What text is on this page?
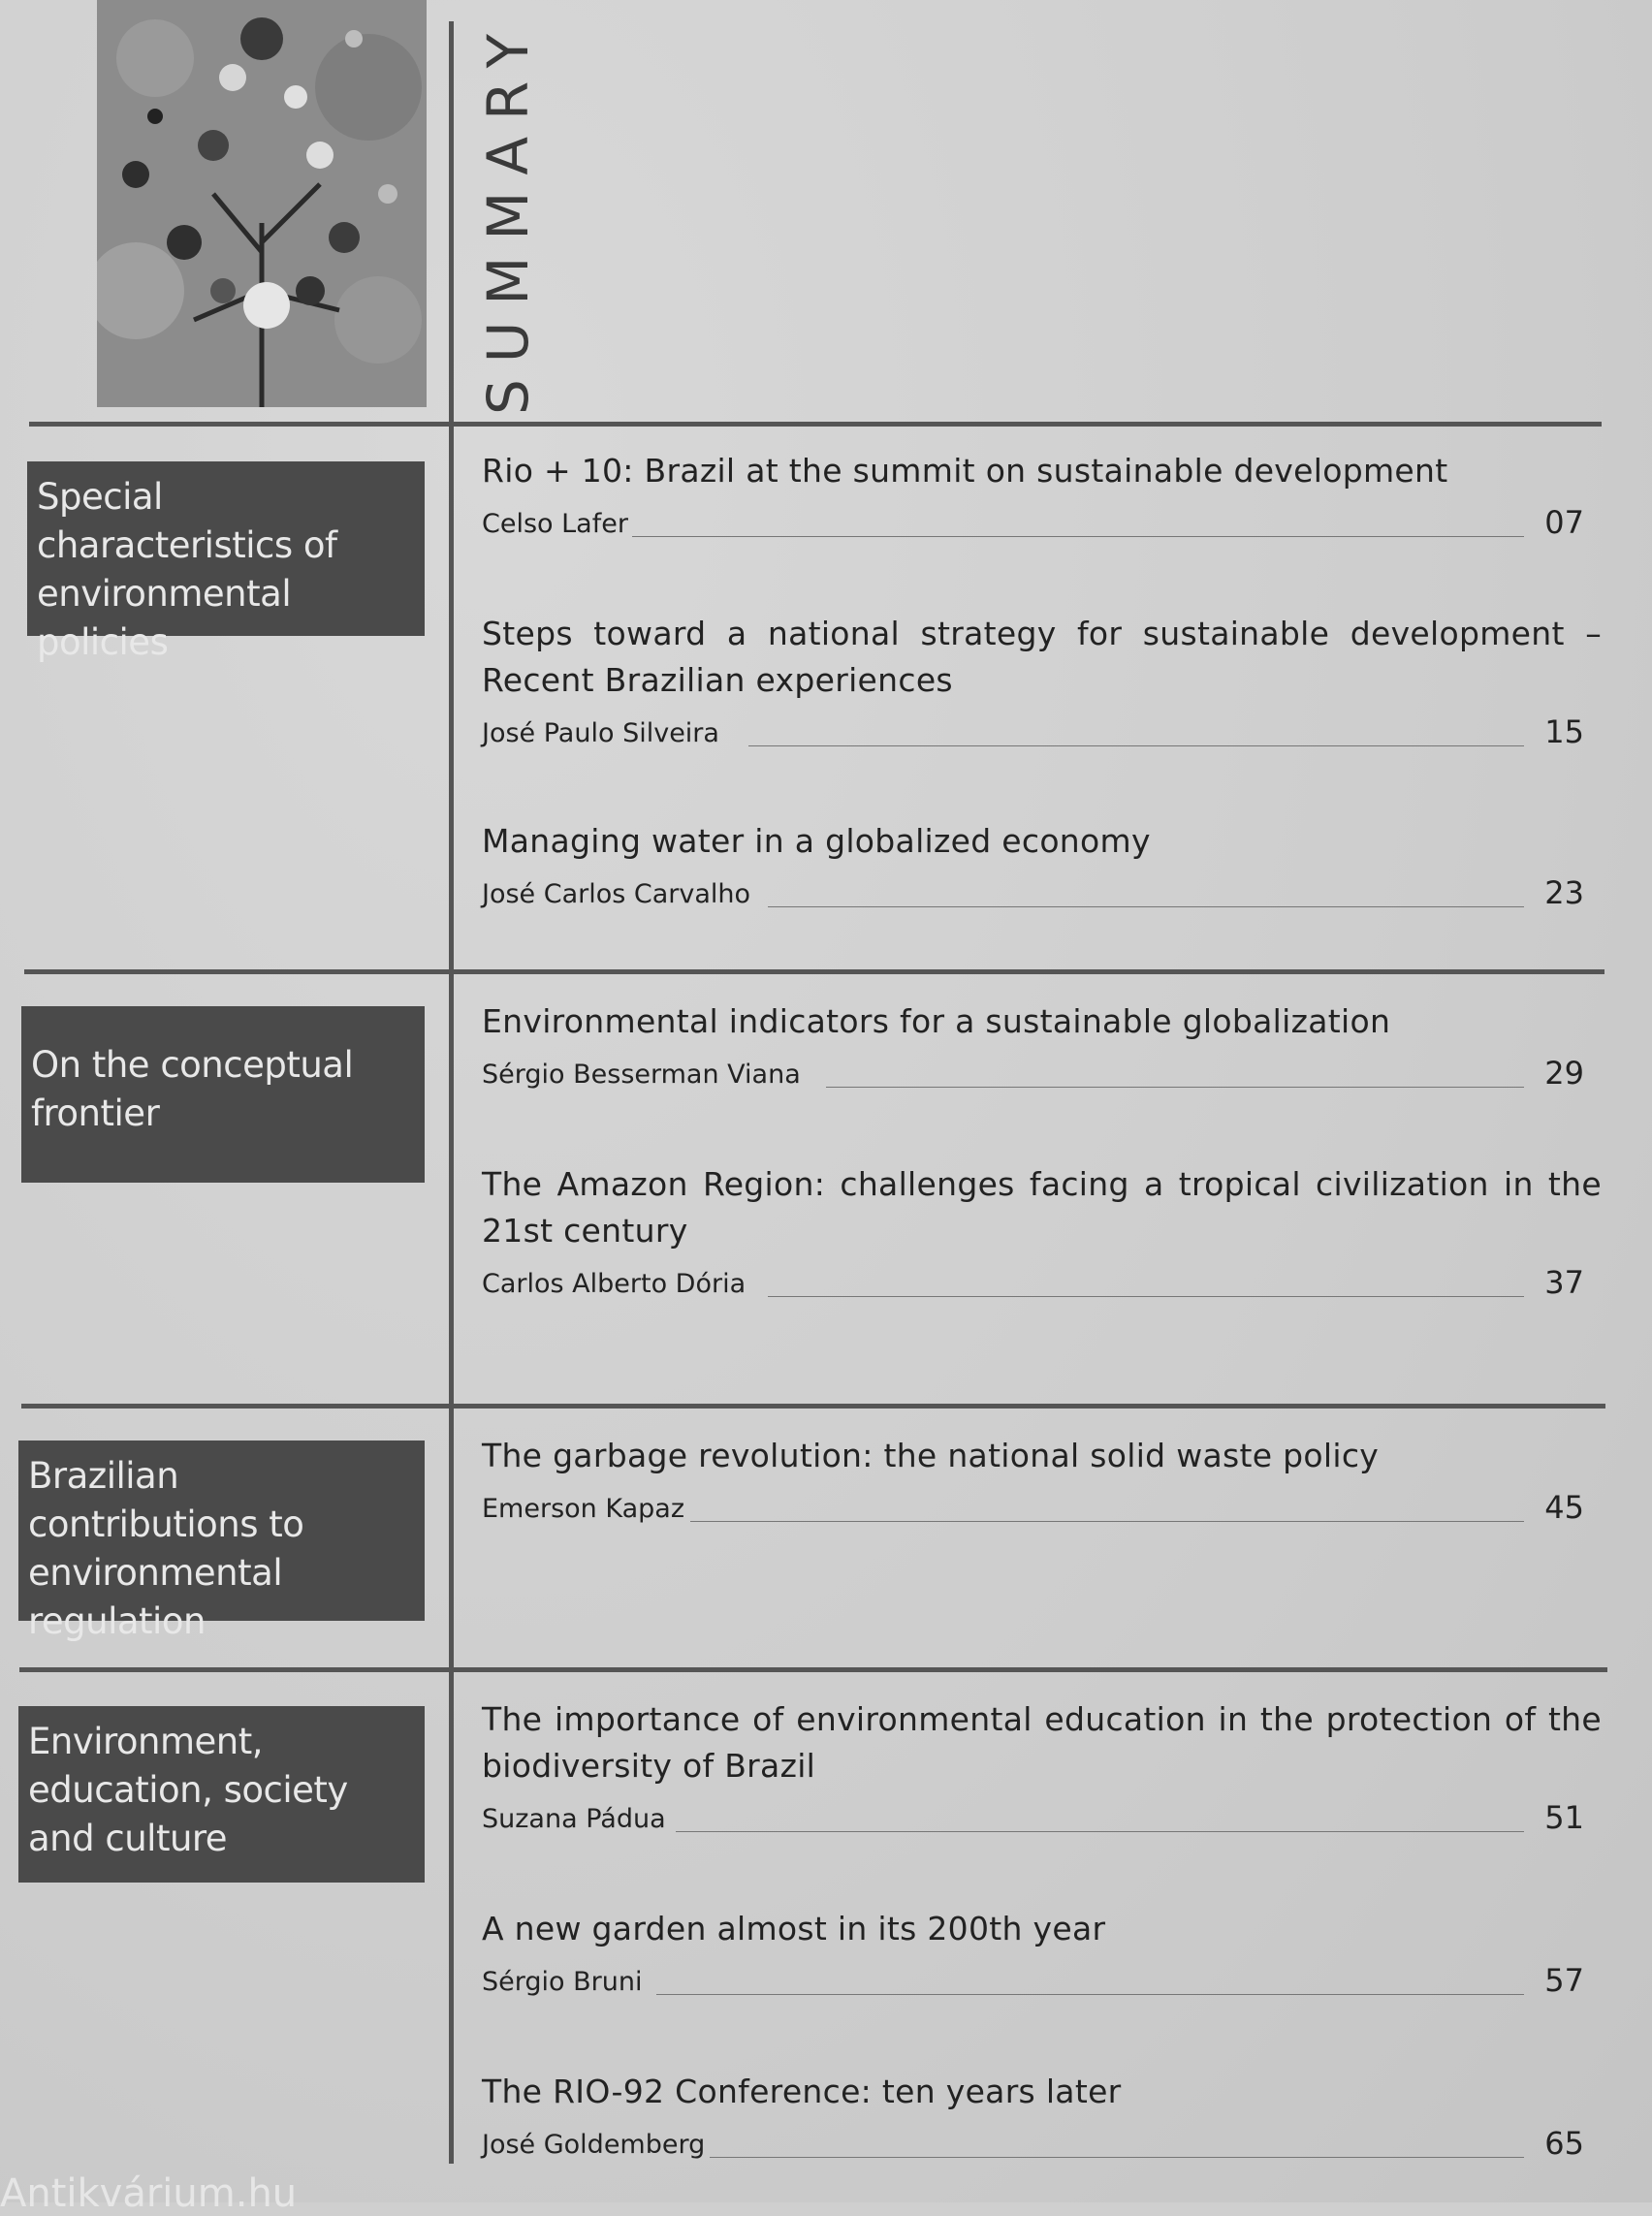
SUMMARY
Special characteristics of environmental policies
On the conceptual frontier
Brazilian contributions to environmental regulation
Environment, education, society and culture
Rio + 10: Brazil at the summit on sustainable development
Celso Lafer	07
Steps toward a national strategy for sustainable development – Recent Brazilian experiences
José Paulo Silveira	15
Managing water in a globalized economy
José Carlos Carvalho	23
Environmental indicators for a sustainable globalization
Sérgio Besserman Viana	29
The Amazon Region: challenges facing a tropical civilization in the 21st century
Carlos Alberto Dória	37
The garbage revolution: the national solid waste policy
Emerson Kapaz	45
The importance of environmental education in the protection of the biodiversity of Brazil
Suzana Pádua	51
A new garden almost in its 200th year
Sérgio Bruni	57
The RIO-92 Conference: ten years later
José Goldemberg	65
Antikvárium.hu
